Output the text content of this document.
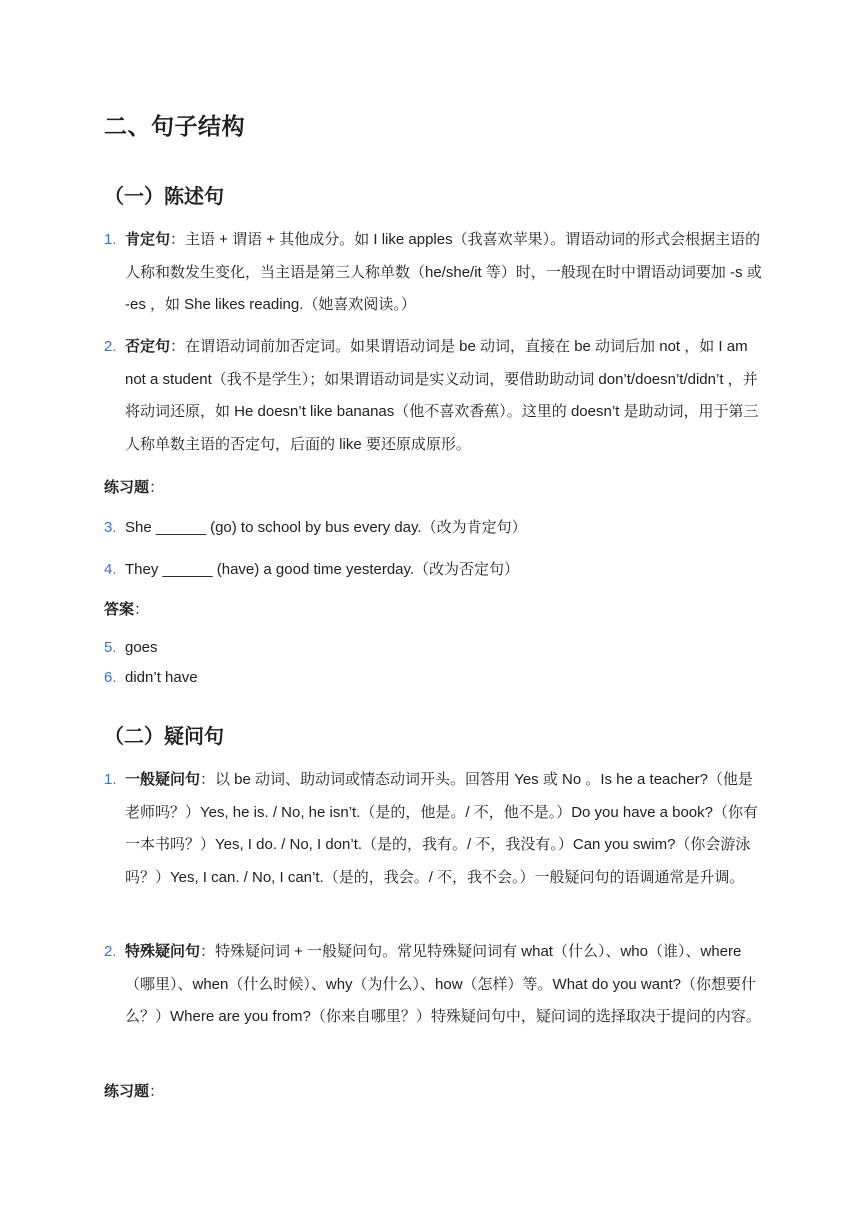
二、句子结构
（一）陈述句
1. 肯定句：主语 + 谓语 + 其他成分。如 I like apples（我喜欢苹果）。谓语动词的形式会根据主语的人称和数发生变化，当主语是第三人称单数（he/she/it 等）时，一般现在时中谓语动词要加 -s 或 -es ，如 She likes reading.（她喜欢阅读。）
2. 否定句：在谓语动词前加否定词。如果谓语动词是 be 动词，直接在 be 动词后加 not ，如 I am not a student（我不是学生）；如果谓语动词是实义动词，要借助助动词 don’t/doesn’t/didn’t ，并将动词还原，如 He doesn’t like bananas（他不喜欢香蕉）。这里的 doesn’t 是助动词，用于第三人称单数主语的否定句，后面的 like 要还原成原形。
练习题：
3. She ______ (go) to school by bus every day.（改为肯定句）
4. They ______ (have) a good time yesterday.（改为否定句）
答案：
5. goes
6. didn’t have
（二）疑问句
1. 一般疑问句：以 be 动词、助动词或情态动词开头。回答用 Yes 或 No 。Is he a teacher?（他是老师吗？）Yes, he is. / No, he isn’t.（是的，他是。/ 不，他不是。）Do you have a book?（你有一本书吗？）Yes, I do. / No, I don’t.（是的，我有。/ 不，我没有。）Can you swim?（你会游泳吗？）Yes, I can. / No, I can’t.（是的，我会。/ 不，我不会。）一般疑问句的语调通常是升调。
2. 特殊疑问句：特殊疑问词 + 一般疑问句。常见特殊疑问词有 what（什么）、who（谁）、where（哪里）、when（什么时候）、why（为什么）、how（怎样）等。What do you want?（你想要什么？）Where are you from?（你来自哪里？）特殊疑问句中，疑问词的选择取决于提问的内容。
练习题：
